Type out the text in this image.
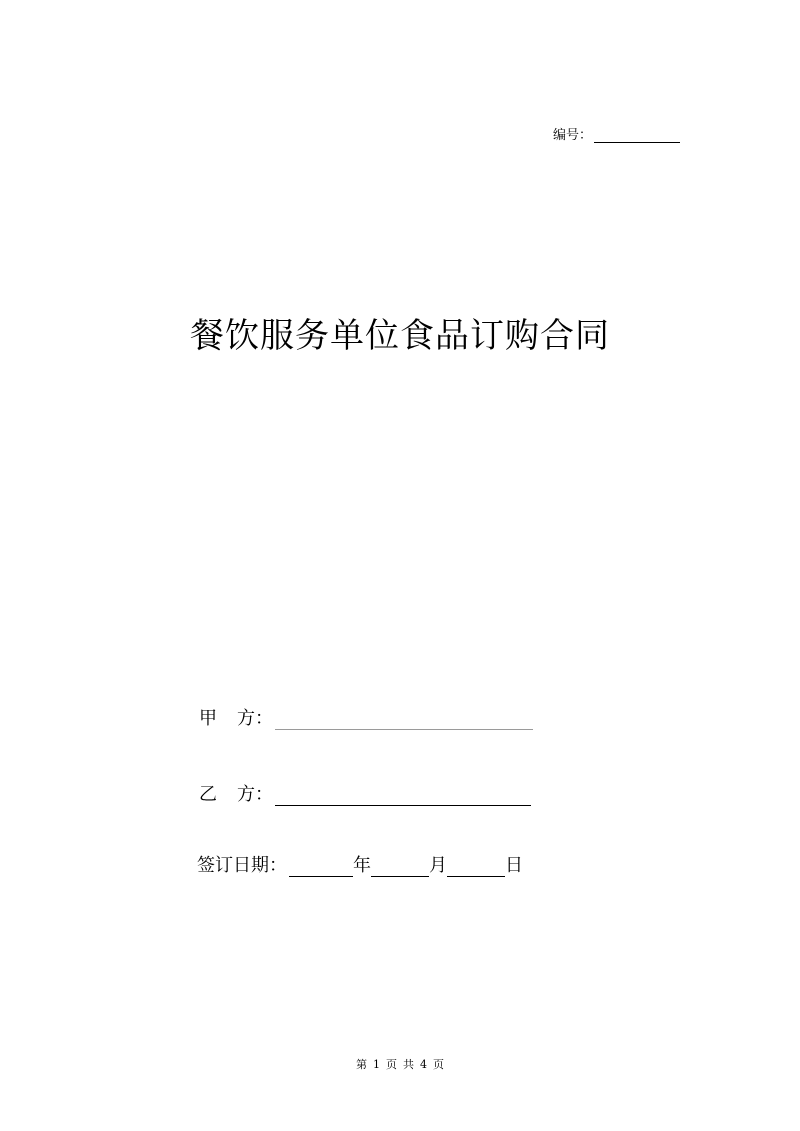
编号：
餐饮服务单位食品订购合同
甲 方：
乙 方：
签订日期：	年	月	日
第 1 页 共 4 页
